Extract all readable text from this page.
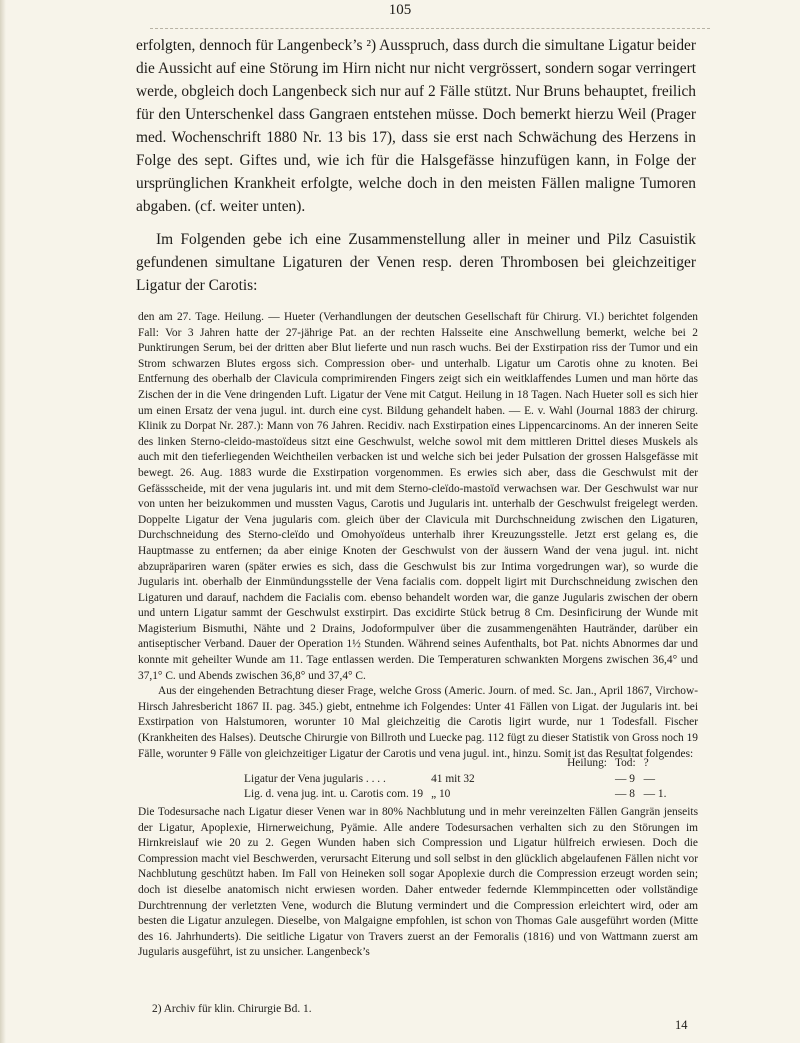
105

erfolgten, dennoch für Langenbeck’s ²) Ausspruch, dass durch die simultane Ligatur beider die Aussicht auf eine Störung im Hirn nicht nur nicht vergrössert, sondern sogar verringert werde, obgleich doch Langenbeck sich nur auf 2 Fälle stützt. Nur Bruns behauptet, freilich für den Unterschenkel dass Gangraen entstehen müsse. Doch bemerkt hierzu Weil (Prager med. Wochenschrift 1880 Nr. 13 bis 17), dass sie erst nach Schwächung des Herzens in Folge des sept. Giftes und, wie ich für die Halsgefässe hinzufügen kann, in Folge der ursprünglichen Krankheit erfolgte, welche doch in den meisten Fällen maligne Tumoren abgaben. (cf. weiter unten).

Im Folgenden gebe ich eine Zusammenstellung aller in meiner und Pilz Casuistik gefundenen simultane Ligaturen der Venen resp. deren Thrombosen bei gleichzeitiger Ligatur der Carotis:

den am 27. Tage. Heilung. — Hueter (Verhandlungen der deutschen Gesellschaft für Chirurg. VI.) berichtet folgenden Fall: Vor 3 Jahren hatte der 27-jährige Pat. an der rechten Halsseite eine Anschwellung bemerkt, welche bei 2 Punktirungen Serum, bei der dritten aber Blut lieferte und nun rasch wuchs. Bei der Exstirpation riss der Tumor und ein Strom schwarzen Blutes ergoss sich. Compression ober- und unterhalb. Ligatur um Carotis ohne zu knoten. Bei Entfernung des oberhalb der Clavicula comprimirenden Fingers zeigt sich ein weitklaffendes Lumen und man hörte das Zischen der in die Vene dringenden Luft. Ligatur der Vene mit Catgut. Heilung in 18 Tagen. Nach Hueter soll es sich hier um einen Ersatz der vena jugul. int. durch eine cyst. Bildung gehandelt haben. — E. v. Wahl (Journal 1883 der chirurg. Klinik zu Dorpat Nr. 287.): Mann von 76 Jahren. Recidiv. nach Exstirpation eines Lippencarcinoms. An der inneren Seite des linken Sterno-cleido-mastoïdeus sitzt eine Geschwulst, welche sowol mit dem mittleren Drittel dieses Muskels als auch mit den tieferliegenden Weichtheilen verbacken ist und welche sich bei jeder Pulsation der grossen Halsgefässe mit bewegt. 26. Aug. 1883 wurde die Exstirpation vorgenommen. Es erwies sich aber, dass die Geschwulst mit der Gefässscheide, mit der vena jugularis int. und mit dem Sterno-cleïdo-mastoïd verwachsen war. Der Geschwulst war nur von unten her beizukommen und mussten Vagus, Carotis und Jugularis int. unterhalb der Geschwulst freigelegt werden. Doppelte Ligatur der Vena jugularis com. gleich über der Clavicula mit Durchschneidung zwischen den Ligaturen, Durchschneidung des Sterno-cleïdo und Omohyoïdeus unterhalb ihrer Kreuzungsstelle. Jetzt erst gelang es, die Hauptmasse zu entfernen; da aber einige Knoten der Geschwulst von der äussern Wand der vena jugul. int. nicht abzupräpariren waren (später erwies es sich, dass die Geschwulst bis zur Intima vorgedrungen war), so wurde die Jugularis int. oberhalb der Einmündungsstelle der Vena facialis com. doppelt ligirt mit Durchschneidung zwischen den Ligaturen und darauf, nachdem die Facialis com. ebenso behandelt worden war, die ganze Jugularis zwischen der obern und untern Ligatur sammt der Geschwulst exstirpirt. Das excidirte Stück betrug 8 Cm. Desinficirung der Wunde mit Magisterium Bismuthi, Nähte und 2 Drains, Jodoformpulver über die zusammengenähten Hautränder, darüber ein antiseptischer Verband. Dauer der Operation 1½ Stunden. Während seines Aufenthalts, bot Pat. nichts Abnormes dar und konnte mit geheilter Wunde am 11. Tage entlassen werden. Die Temperaturen schwankten Morgens zwischen 36,4° und 37,1° C. und Abends zwischen 36,8° und 37,4° C.

Aus der eingehenden Betrachtung dieser Frage, welche Gross (Americ. Journ. of med. Sc. Jan., April 1867, Virchow-Hirsch Jahresbericht 1867 II. pag. 345.) giebt, entnehme ich Folgendes: Unter 41 Fällen von Ligat. der Jugularis int. bei Exstirpation von Halstumoren, worunter 10 Mal gleichzeitig die Carotis ligirt wurde, nur 1 Todesfall. Fischer (Krankheiten des Halses). Deutsche Chirurgie von Billroth und Luecke pag. 112 fügt zu dieser Statistik von Gross noch 19 Fälle, worunter 9 Fälle von gleichzeitiger Ligatur der Carotis und vena jugul. int., hinzu. Somit ist das Resultat folgendes:

	Heilung:	Tod:	?
Ligatur der Vena jugularis . . . .	41 mit 32	— 9	—
Lig. d. vena jug. int. u. Carotis com. 19	„ 10	— 8	— 1.

Die Todesursache nach Ligatur dieser Venen war in 80% Nachblutung und in mehr vereinzelten Fällen Gangrän jenseits der Ligatur, Apoplexie, Hirnerweichung, Pyämie. Alle andere Todesursachen verhalten sich zu den Störungen im Hirnkreislauf wie 20 zu 2. Gegen Wunden haben sich Compression und Ligatur hülfreich erwiesen. Doch die Compression macht viel Beschwerden, verursacht Eiterung und soll selbst in den glücklich abgelaufenen Fällen nicht vor Nachblutung geschützt haben. Im Fall von Heineken soll sogar Apoplexie durch die Compression erzeugt worden sein; doch ist dieselbe anatomisch nicht erwiesen worden. Daher entweder federnde Klemmpincetten oder vollständige Durchtrennung der verletzten Vene, wodurch die Blutung vermindert und die Compression erleichtert wird, oder am besten die Ligatur anzulegen. Dieselbe, von Malgaigne empfohlen, ist schon von Thomas Gale ausgeführt worden (Mitte des 16. Jahrhunderts). Die seitliche Ligatur von Travers zuerst an der Femoralis (1816) und von Wattmann zuerst am Jugularis ausgeführt, ist zu unsicher. Langenbeck’s

2) Archiv für klin. Chirurgie Bd. 1.
14
